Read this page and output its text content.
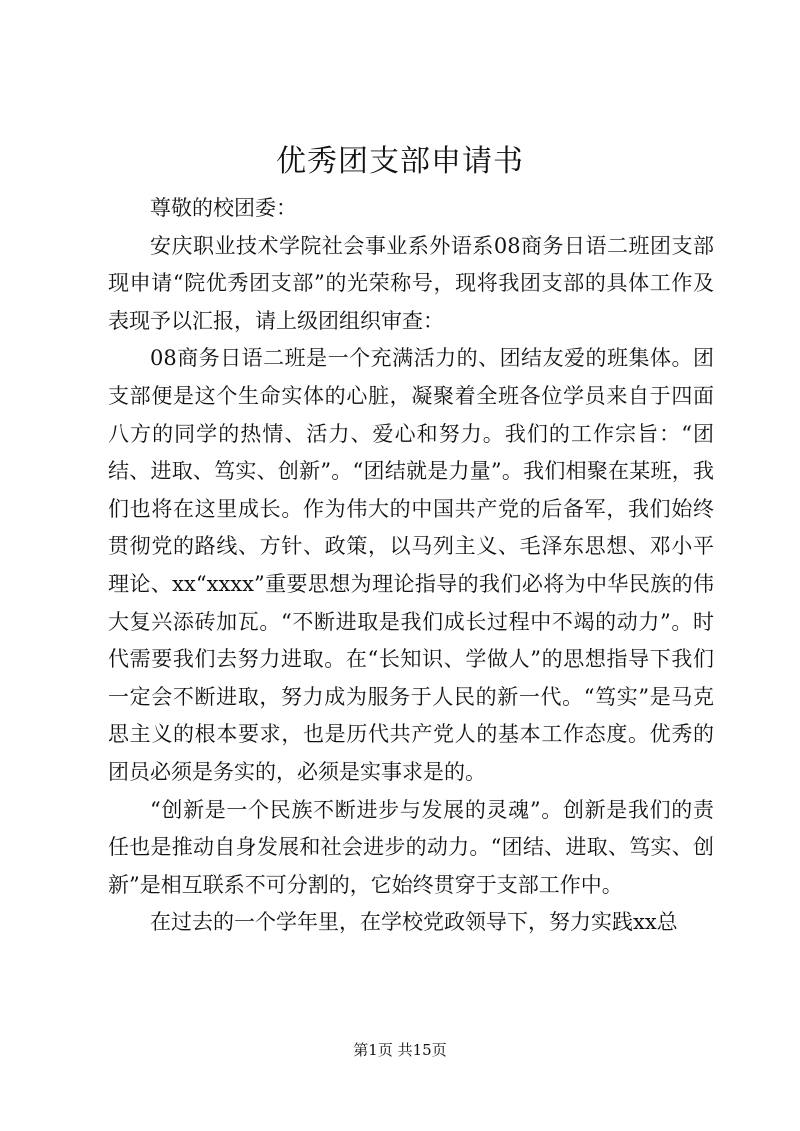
优秀团支部申请书

尊敬的校团委：

安庆职业技术学院社会事业系外语系08商务日语二班团支部现申请“院优秀团支部”的光荣称号，现将我团支部的具体工作及表现予以汇报，请上级团组织审查：

08商务日语二班是一个充满活力的、团结友爱的班集体。团支部便是这个生命实体的心脏，凝聚着全班各位学员来自于四面八方的同学的热情、活力、爱心和努力。我们的工作宗旨：“团结、进取、笃实、创新”。“团结就是力量”。我们相聚在某班，我们也将在这里成长。作为伟大的中国共产党的后备军，我们始终贯彻党的路线、方针、政策，以马列主义、毛泽东思想、邓小平理论、xx“xxxx”重要思想为理论指导的我们必将为中华民族的伟大复兴添砖加瓦。“不断进取是我们成长过程中不竭的动力”。时代需要我们去努力进取。在“长知识、学做人”的思想指导下我们一定会不断进取，努力成为服务于人民的新一代。“笃实”是马克思主义的根本要求，也是历代共产党人的基本工作态度。优秀的团员必须是务实的，必须是实事求是的。

“创新是一个民族不断进步与发展的灵魂”。创新是我们的责任也是推动自身发展和社会进步的动力。“团结、进取、笃实、创新”是相互联系不可分割的，它始终贯穿于支部工作中。

在过去的一个学年里，在学校党政领导下，努力实践xx总

第1页 共15页
